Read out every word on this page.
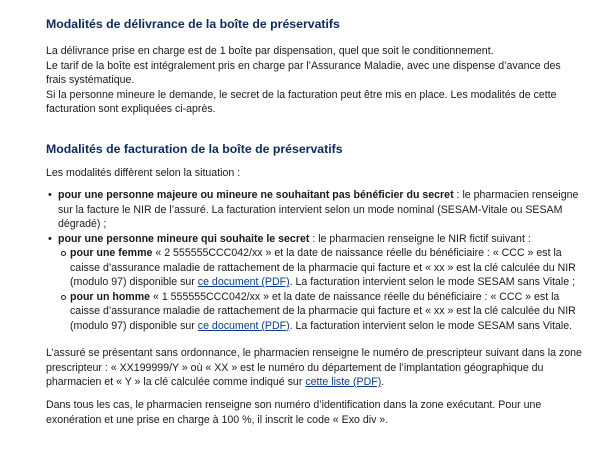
Modalités de délivrance de la boîte de préservatifs

La délivrance prise en charge est de 1 boîte par dispensation, quel que soit le conditionnement.
Le tarif de la boîte est intégralement pris en charge par l’Assurance Maladie, avec une dispense d’avance des
frais systématique.
Si la personne mineure le demande, le secret de la facturation peut être mis en place. Les modalités de cette
facturation sont expliquées ci-après.

Modalités de facturation de la boîte de préservatifs

Les modalités diffèrent selon la situation :

• pour une personne majeure ou mineure ne souhaitant pas bénéficier du secret : le pharmacien renseigne
sur la facture le NIR de l’assuré. La facturation intervient selon un mode nominal (SESAM-Vitale ou SESAM
dégradé) ;
• pour une personne mineure qui souhaite le secret : le pharmacien renseigne le NIR fictif suivant :
pour une femme « 2 555555CCC042/xx » et la date de naissance réelle du bénéficiaire : « CCC » est la
caisse d’assurance maladie de rattachement de la pharmacie qui facture et « xx » est la clé calculée du NIR
(modulo 97) disponible sur ce document (PDF). La facturation intervient selon le mode SESAM sans Vitale ;
pour un homme « 1 555555CCC042/xx » et la date de naissance réelle du bénéficiaire : « CCC » est la
caisse d’assurance maladie de rattachement de la pharmacie qui facture et « xx » est la clé calculée du NIR
(modulo 97) disponible sur ce document (PDF). La facturation intervient selon le mode SESAM sans Vitale.

L’assuré se présentant sans ordonnance, le pharmacien renseigne le numéro de prescripteur suivant dans la zone
prescripteur : « XX199999/Y » où « XX » est le numéro du département de l’implantation géographique du
pharmacien et « Y » la clé calculée comme indiqué sur cette liste (PDF).

Dans tous les cas, le pharmacien renseigne son numéro d’identification dans la zone exécutant. Pour une
exonération et une prise en charge à 100 %, il inscrit le code « Exo div ».
